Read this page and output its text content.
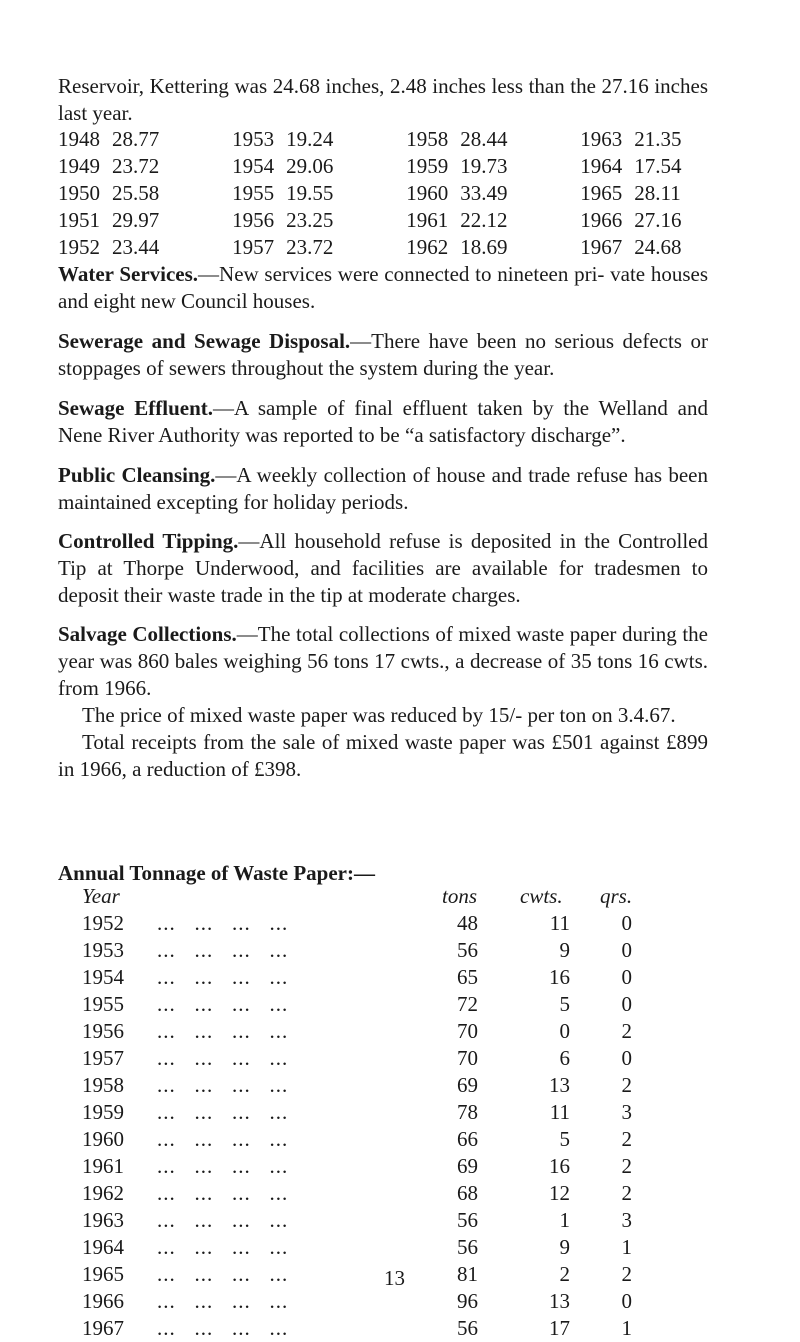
Reservoir, Kettering was 24.68 inches, 2.48 inches less than the 27.16 inches last year.
1948 28.77	1953 19.24	1958 28.44	1963 21.35
1949 23.72	1954 29.06	1959 19.73	1964 17.54
1950 25.58	1955 19.55	1960 33.49	1965 28.11
1951 29.97	1956 23.25	1961 22.12	1966 27.16
1952 23.44	1957 23.72	1962 18.69	1967 24.68
Water Services.—New services were connected to nineteen pri- vate houses and eight new Council houses.
Sewerage and Sewage Disposal.—There have been no serious defects or stoppages of sewers throughout the system during the year.
Sewage Effluent.—A sample of final effluent taken by the Welland and Nene River Authority was reported to be “a satisfactory discharge”.
Public Cleansing.—A weekly collection of house and trade refuse has been maintained excepting for holiday periods.
Controlled Tipping.—All household refuse is deposited in the Controlled Tip at Thorpe Underwood, and facilities are available for tradesmen to deposit their waste trade in the tip at moderate charges.
Salvage Collections.—The total collections of mixed waste paper during the year was 860 bales weighing 56 tons 17 cwts., a decrease of 35 tons 16 cwts. from 1966.
The price of mixed waste paper was reduced by 15/- per ton on 3.4.67.
Total receipts from the sale of mixed waste paper was £501 against £899 in 1966, a reduction of £398.
Annual Tonnage of Waste Paper:—
Year	tons cwts.	qrs.
1952 ...   ...   ...   ...	48	11	0
1953 ...   ...   ...   ...	56	9	0
1954 ...   ...   ...   ...	65	16	0
1955 ...   ...   ...   ...	72	5	0
1956 ...   ...   ...   ...	70	0	2
1957 ...   ...   ...   ...	70	6	0
1958 ...   ...   ...   ...	69	13	2
1959 ...   ...   ...   ...	78	11	3
1960 ...   ...   ...   ...	66	5	2
1961 ...   ...   ...   ...	69	16	2
1962 ...   ...   ...   ...	68	12	2
1963 ...   ...   ...   ...	56	1	3
1964 ...   ...   ...   ...	56	9	1
1965 ...   ...   ...   ...	81	2	2
1966 ...   ...   ...   ...	96	13	0
1967 ...   ...   ...   ...	56	17	1
13
